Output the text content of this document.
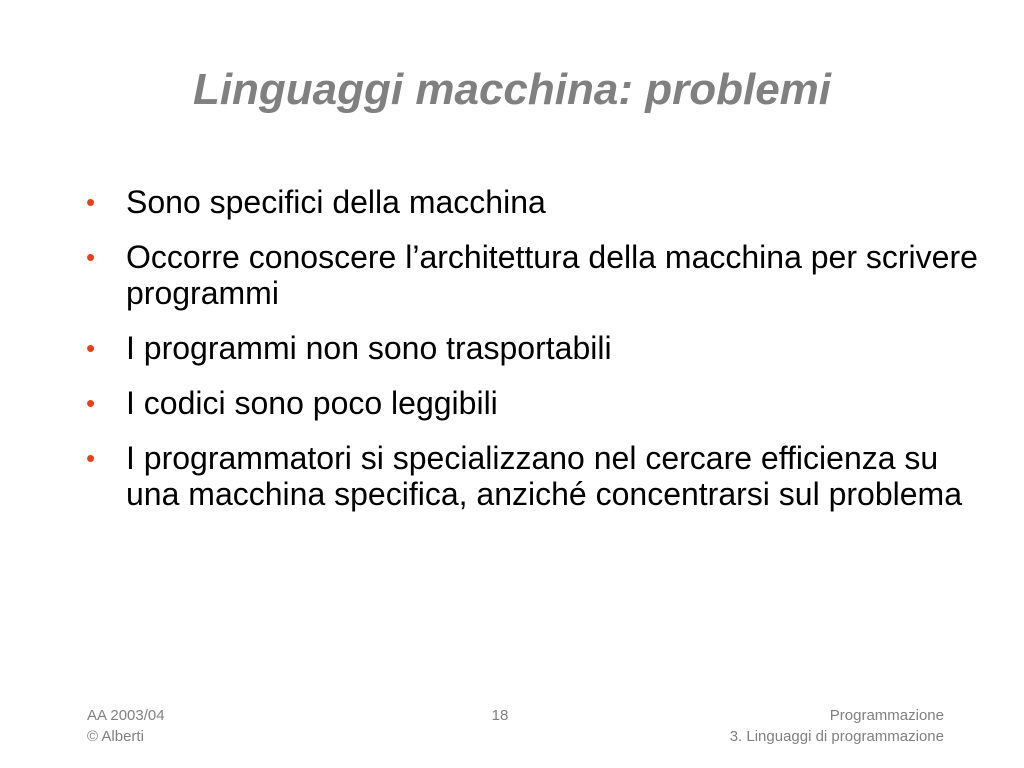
Linguaggi macchina: problemi
• Sono specifici della macchina
• Occorre conoscere l’architettura della macchina per scrivere programmi
• I programmi non sono trasportabili
• I codici sono poco leggibili
• I programmatori si specializzano nel cercare efficienza su una macchina specifica, anziché concentrarsi sul problema
AA 2003/04
© Alberti
18	Programmazione
3. Linguaggi di programmazione
